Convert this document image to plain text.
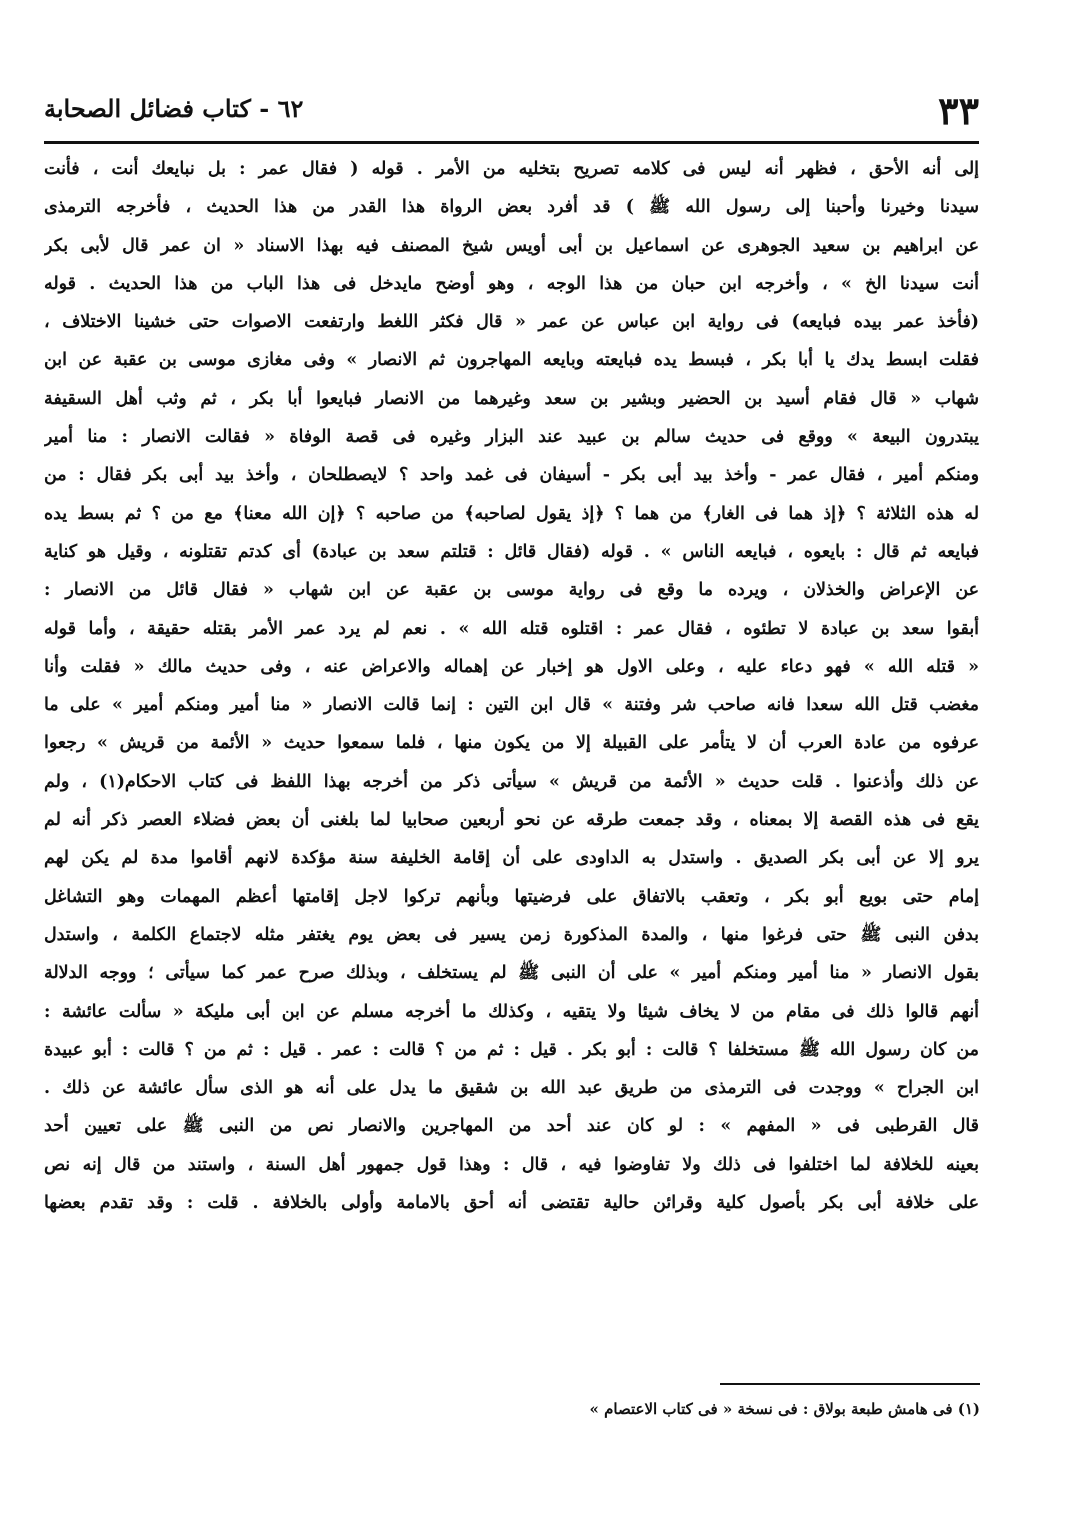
٣٣
٦٢ - كتاب فضائل الصحابة
إلى أنه الأحق ، فظهر أنه ليس فى كلامه تصريح بتخليه من الأمر . قوله ( فقال عمر : بل نبايعك أنت ، فأنت
سيدنا وخيرنا وأحبنا إلى رسول الله ﷺ ) قد أفرد بعض الرواة هذا القدر من هذا الحديث ، فأخرجه الترمذى
عن ابراهيم بن سعيد الجوهرى عن اسماعيل بن أبى أويس شيخ المصنف فيه بهذا الاسناد « ان عمر قال لأبى بكر
أنت سيدنا الخ » ، وأخرجه ابن حبان من هذا الوجه ، وهو أوضح مايدخل فى هذا الباب من هذا الحديث . قوله
(فأخذ عمر بيده فبايعه) فى رواية ابن عباس عن عمر « قال فكثر اللغط وارتفعت الاصوات حتى خشينا الاختلاف ،
فقلت ابسط يدك يا أبا بكر ، فبسط يده فبايعته وبايعه المهاجرون ثم الانصار » وفى مغازى موسى بن عقبة عن ابن
شهاب « قال فقام أسيد بن الحضير وبشير بن سعد وغيرهما من الانصار فبايعوا أبا بكر ، ثم وثب أهل السقيفة
يبتدرون البيعة » ووقع فى حديث سالم بن عبيد عند البزار وغيره فى قصة الوفاة « فقالت الانصار : منا أمير
ومنكم أمير ، فقال عمر - وأخذ بيد أبى بكر - أسيفان فى غمد واحد ؟ لايصطلحان ، وأخذ بيد أبى بكر فقال : من
له هذه الثلاثة ؟ ﴿إذ هما فى الغار﴾ من هما ؟ ﴿إذ يقول لصاحبه﴾ من صاحبه ؟ ﴿إن الله معنا﴾ مع من ؟ ثم بسط يده
فبايعه ثم قال : بايعوه ، فبايعه الناس » . قوله (فقال قائل : قتلتم سعد بن عبادة) أى كدتم تقتلونه ، وقيل هو كناية
عن الإعراض والخذلان ، ويرده ما وقع فى رواية موسى بن عقبة عن ابن شهاب « فقال قائل من الانصار :
أبقوا سعد بن عبادة لا تطئوه ، فقال عمر : اقتلوه قتله الله » . نعم لم يرد عمر الأمر بقتله حقيقة ، وأما قوله
« قتله الله » فهو دعاء عليه ، وعلى الاول هو إخبار عن إهماله والاعراض عنه ، وفى حديث مالك « فقلت وأنا
مغضب قتل الله سعدا فانه صاحب شر وفتنة » قال ابن التين : إنما قالت الانصار « منا أمير ومنكم أمير » على ما
عرفوه من عادة العرب أن لا يتأمر على القبيلة إلا من يكون منها ، فلما سمعوا حديث « الأئمة من قريش » رجعوا
عن ذلك وأذعنوا . قلت حديث « الأئمة من قريش » سيأتى ذكر من أخرجه بهذا اللفظ فى كتاب الاحكام(١) ، ولم
يقع فى هذه القصة إلا بمعناه ، وقد جمعت طرقه عن نحو أربعين صحابيا لما بلغنى أن بعض فضلاء العصر ذكر أنه لم
يرو إلا عن أبى بكر الصديق . واستدل به الداودى على أن إقامة الخليفة سنة مؤكدة لانهم أقاموا مدة لم يكن لهم
إمام حتى بويع أبو بكر ، وتعقب بالاتفاق على فرضيتها وبأنهم تركوا لاجل إقامتها أعظم المهمات وهو التشاغل
بدفن النبى ﷺ حتى فرغوا منها ، والمدة المذكورة زمن يسير فى بعض يوم يغتفر مثله لاجتماع الكلمة ، واستدل
بقول الانصار « منا أمير ومنكم أمير » على أن النبى ﷺ لم يستخلف ، وبذلك صرح عمر كما سيأتى ؛ ووجه الدلالة
أنهم قالوا ذلك فى مقام من لا يخاف شيئا ولا يتقيه ، وكذلك ما أخرجه مسلم عن ابن أبى مليكة « سألت عائشة :
من كان رسول الله ﷺ مستخلفا ؟ قالت : أبو بكر . قيل : ثم من ؟ قالت : عمر . قيل : ثم من ؟ قالت : أبو عبيدة
ابن الجراح » ووجدت فى الترمذى من طريق عبد الله بن شقيق ما يدل على أنه هو الذى سأل عائشة عن ذلك .
قال القرطبى فى « المفهم » : لو كان عند أحد من المهاجرين والانصار نص من النبى ﷺ على تعيين أحد
بعينه للخلافة لما اختلفوا فى ذلك ولا تفاوضوا فيه ، قال : وهذا قول جمهور أهل السنة ، واستند من قال إنه نص
على خلافة أبى بكر بأصول كلية وقرائن حالية تقتضى أنه أحق بالامامة وأولى بالخلافة . قلت : وقد تقدم بعضها
(١) فى هامش طبعة بولاق : فى نسخة « فى كتاب الاعتصام »
